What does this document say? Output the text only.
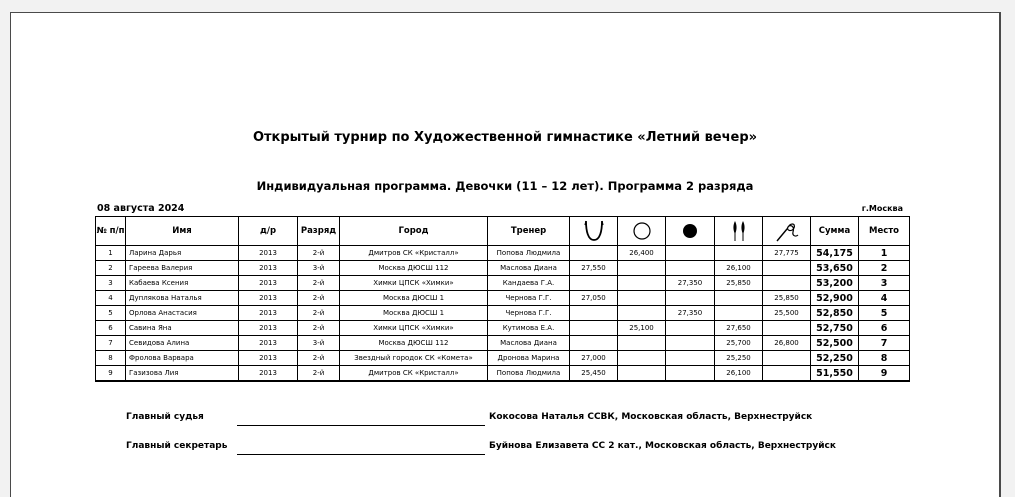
Открытый турнир по Художественной гимнастике «Летний вечер»
Индивидуальная программа. Девочки (11 – 12 лет). Программа 2 разряда
08 августа 2024	г.Москва
№ п/п	Имя	д/р	Разряд	Город	Тренер						Сумма	Место
1	Ларина Дарья	2013	2-й	Дмитров СК «Кристалл»	Попова Людмила		26,400			27,775	54,175	1
2	Гареева Валерия	2013	3-й	Москва ДЮСШ 112	Маслова Диана	27,550			26,100		53,650	2
3	Кабаева Ксения	2013	2-й	Химки ЦПСК «Химки»	Кандаева Г.А.			27,350	25,850		53,200	3
4	Дуплякова Наталья	2013	2-й	Москва ДЮСШ 1	Чернова Г.Г.	27,050				25,850	52,900	4
5	Орлова Анастасия	2013	2-й	Москва ДЮСШ 1	Чернова Г.Г.			27,350		25,500	52,850	5
6	Савина Яна	2013	2-й	Химки ЦПСК «Химки»	Кутимова Е.А.		25,100		27,650		52,750	6
7	Севидова Алина	2013	3-й	Москва ДЮСШ 112	Маслова Диана				25,700	26,800	52,500	7
8	Фролова Варвара	2013	2-й	Звездный городок СК «Комета»	Дронова Марина	27,000			25,250		52,250	8
9	Газизова Лия	2013	2-й	Дмитров СК «Кристалл»	Попова Людмила	25,450			26,100		51,550	9
Главный судья	Кокосова Наталья ССВК, Московская область, Верхнеструйск
Главный секретарь	Буйнова Елизавета СС 2 кат., Московская область, Верхнеструйск
